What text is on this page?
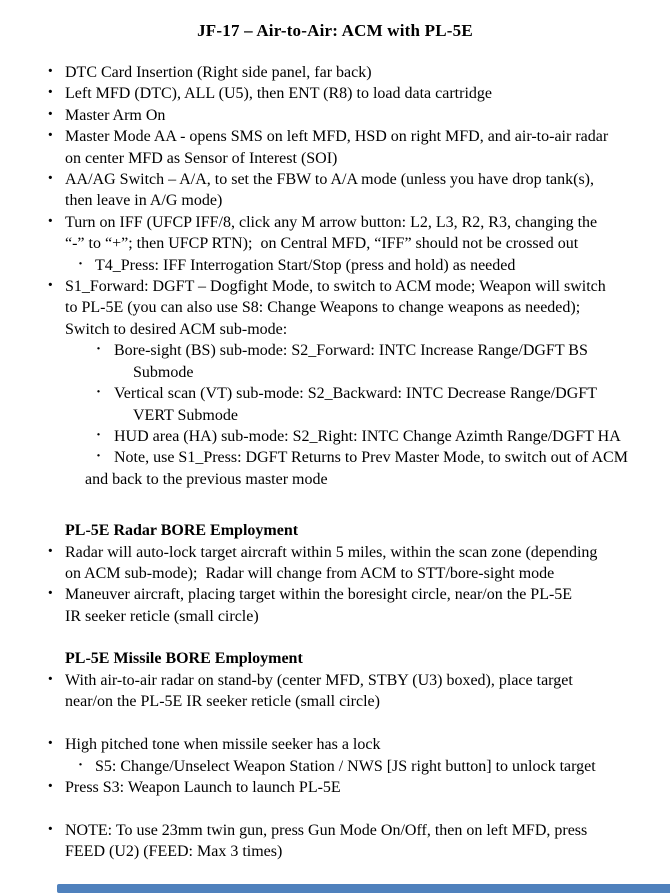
JF-17 – Air-to-Air: ACM with PL-5E
· DTC Card Insertion (Right side panel, far back)
· Left MFD (DTC), ALL (U5), then ENT (R8) to load data cartridge
· Master Arm On
· Master Mode AA - opens SMS on left MFD, HSD on right MFD, and air-to-air radar
on center MFD as Sensor of Interest (SOI)
· AA/AG Switch – A/A, to set the FBW to A/A mode (unless you have drop tank(s),
then leave in A/G mode)
· Turn on IFF (UFCP IFF/8, click any M arrow button: L2, L3, R2, R3, changing the
“-” to “+”; then UFCP RTN);  on Central MFD, “IFF” should not be crossed out
· T4_Press: IFF Interrogation Start/Stop (press and hold) as needed
· S1_Forward: DGFT – Dogfight Mode, to switch to ACM mode; Weapon will switch
to PL-5E (you can also use S8: Change Weapons to change weapons as needed);
Switch to desired ACM sub-mode:
· Bore-sight (BS) sub-mode: S2_Forward: INTC Increase Range/DGFT BS
Submode
· Vertical scan (VT) sub-mode: S2_Backward: INTC Decrease Range/DGFT
VERT Submode
· HUD area (HA) sub-mode: S2_Right: INTC Change Azimth Range/DGFT HA
· Note, use S1_Press: DGFT Returns to Prev Master Mode, to switch out of ACM
and back to the previous master mode
PL-5E Radar BORE Employment
· Radar will auto-lock target aircraft within 5 miles, within the scan zone (depending
on ACM sub-mode);  Radar will change from ACM to STT/bore-sight mode
· Maneuver aircraft, placing target within the boresight circle, near/on the PL-5E
IR seeker reticle (small circle)
PL-5E Missile BORE Employment
· With air-to-air radar on stand-by (center MFD, STBY (U3) boxed), place target
near/on the PL-5E IR seeker reticle (small circle)
· High pitched tone when missile seeker has a lock
· S5: Change/Unselect Weapon Station / NWS [JS right button] to unlock target
· Press S3: Weapon Launch to launch PL-5E
· NOTE: To use 23mm twin gun, press Gun Mode On/Off, then on left MFD, press
FEED (U2) (FEED: Max 3 times)
